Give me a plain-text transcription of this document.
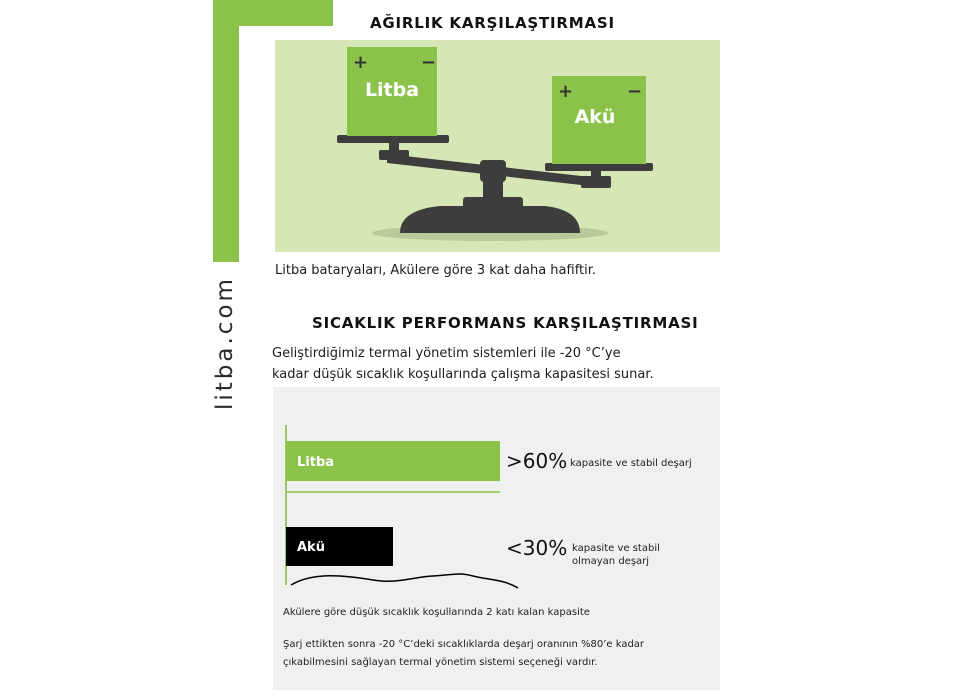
litba.com
AĞIRLIK KARŞILAŞTIRMASI
+	−
Litba	+	−
Akü
Litba bataryaları, Akülere göre 3 kat daha hafiftir.
SICAKLIK PERFORMANS KARŞILAŞTIRMASI
Geliştirdiğimiz termal yönetim sistemleri ile -20 °C’ye
kadar düşük sıcaklık koşullarında çalışma kapasitesi sunar.
Litba
Akü
>60% kapasite ve stabil deşarj
<30% kapasite ve stabil
olmayan deşarj
Akülere göre düşük sıcaklık koşullarında 2 katı kalan kapasite
Şarj ettikten sonra -20 °C’deki sıcaklıklarda deşarj oranının %80’e kadar
çıkabilmesini sağlayan termal yönetim sistemi seçeneği vardır.
